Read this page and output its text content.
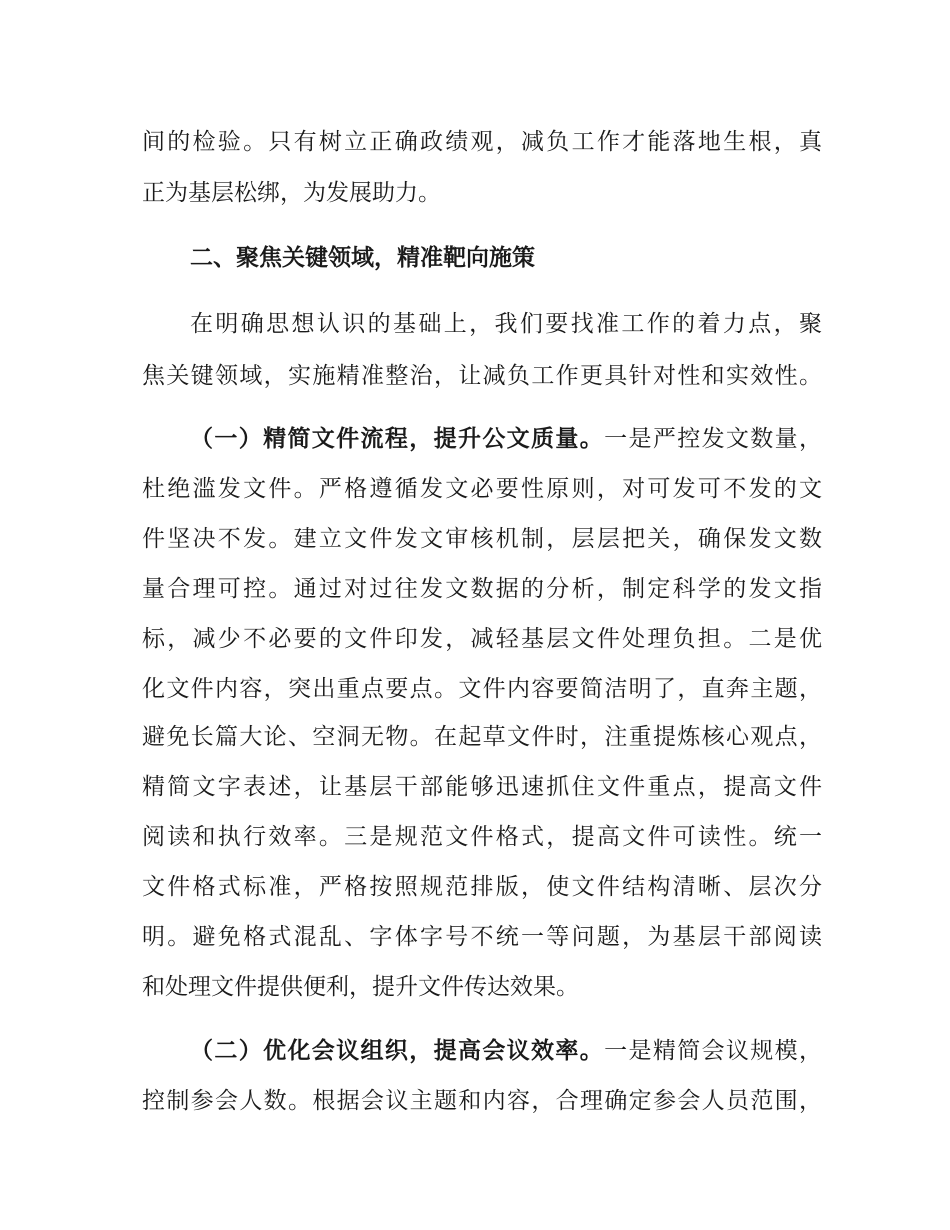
间的检验。只有树立正确政绩观，减负工作才能落地生根，真

正为基层松绑，为发展助力。

二、聚焦关键领域，精准靶向施策

在明确思想认识的基础上，我们要找准工作的着力点，聚

焦关键领域，实施精准整治，让减负工作更具针对性和实效性。

（一）精简文件流程，提升公文质量。一是严控发文数量，

杜绝滥发文件。严格遵循发文必要性原则，对可发可不发的文

件坚决不发。建立文件发文审核机制，层层把关，确保发文数

量合理可控。通过对过往发文数据的分析，制定科学的发文指

标，减少不必要的文件印发，减轻基层文件处理负担。二是优

化文件内容，突出重点要点。文件内容要简洁明了，直奔主题，

避免长篇大论、空洞无物。在起草文件时，注重提炼核心观点，

精简文字表述，让基层干部能够迅速抓住文件重点，提高文件

阅读和执行效率。三是规范文件格式，提高文件可读性。统一

文件格式标准，严格按照规范排版，使文件结构清晰、层次分

明。避免格式混乱、字体字号不统一等问题，为基层干部阅读

和处理文件提供便利，提升文件传达效果。

（二）优化会议组织，提高会议效率。一是精简会议规模，

控制参会人数。根据会议主题和内容，合理确定参会人员范围，
